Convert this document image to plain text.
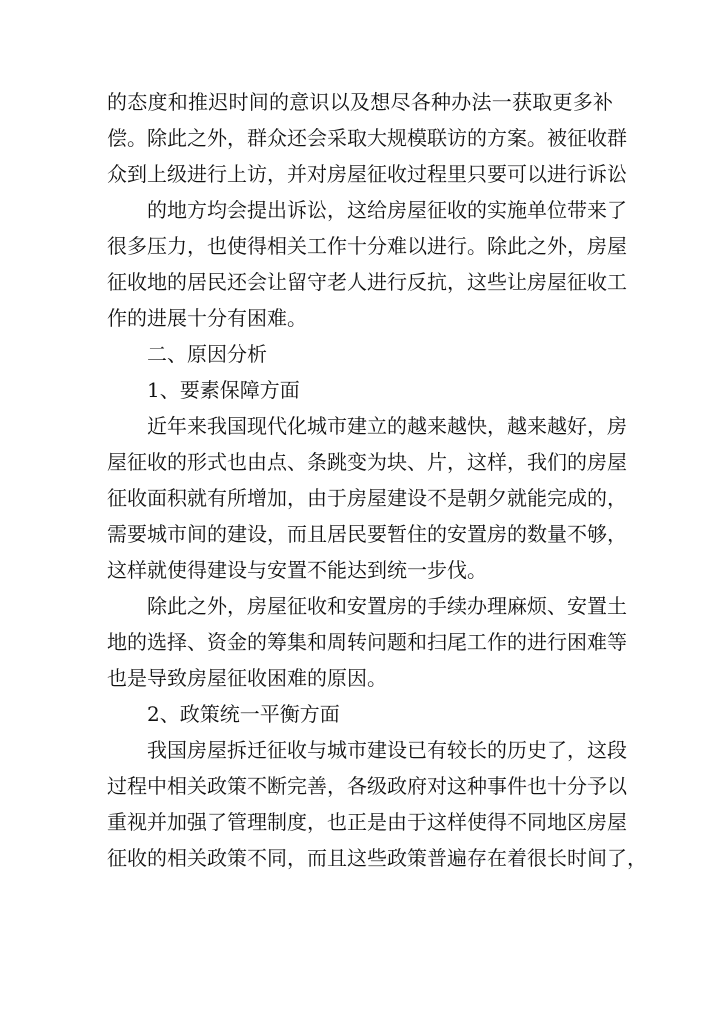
的态度和推迟时间的意识以及想尽各种办法一获取更多补
偿。除此之外，群众还会采取大规模联访的方案。被征收群
众到上级进行上访，并对房屋征收过程里只要可以进行诉讼
的地方均会提出诉讼，这给房屋征收的实施单位带来了
很多压力，也使得相关工作十分难以进行。除此之外，房屋
征收地的居民还会让留守老人进行反抗，这些让房屋征收工
作的进展十分有困难。
二、原因分析
1、要素保障方面
近年来我国现代化城市建立的越来越快，越来越好，房
屋征收的形式也由点、条跳变为块、片，这样，我们的房屋
征收面积就有所增加，由于房屋建设不是朝夕就能完成的，
需要城市间的建设，而且居民要暂住的安置房的数量不够，
这样就使得建设与安置不能达到统一步伐。
除此之外，房屋征收和安置房的手续办理麻烦、安置土
地的选择、资金的筹集和周转问题和扫尾工作的进行困难等
也是导致房屋征收困难的原因。
2、政策统一平衡方面
我国房屋拆迁征收与城市建设已有较长的历史了，这段
过程中相关政策不断完善，各级政府对这种事件也十分予以
重视并加强了管理制度，也正是由于这样使得不同地区房屋
征收的相关政策不同，而且这些政策普遍存在着很长时间了，
